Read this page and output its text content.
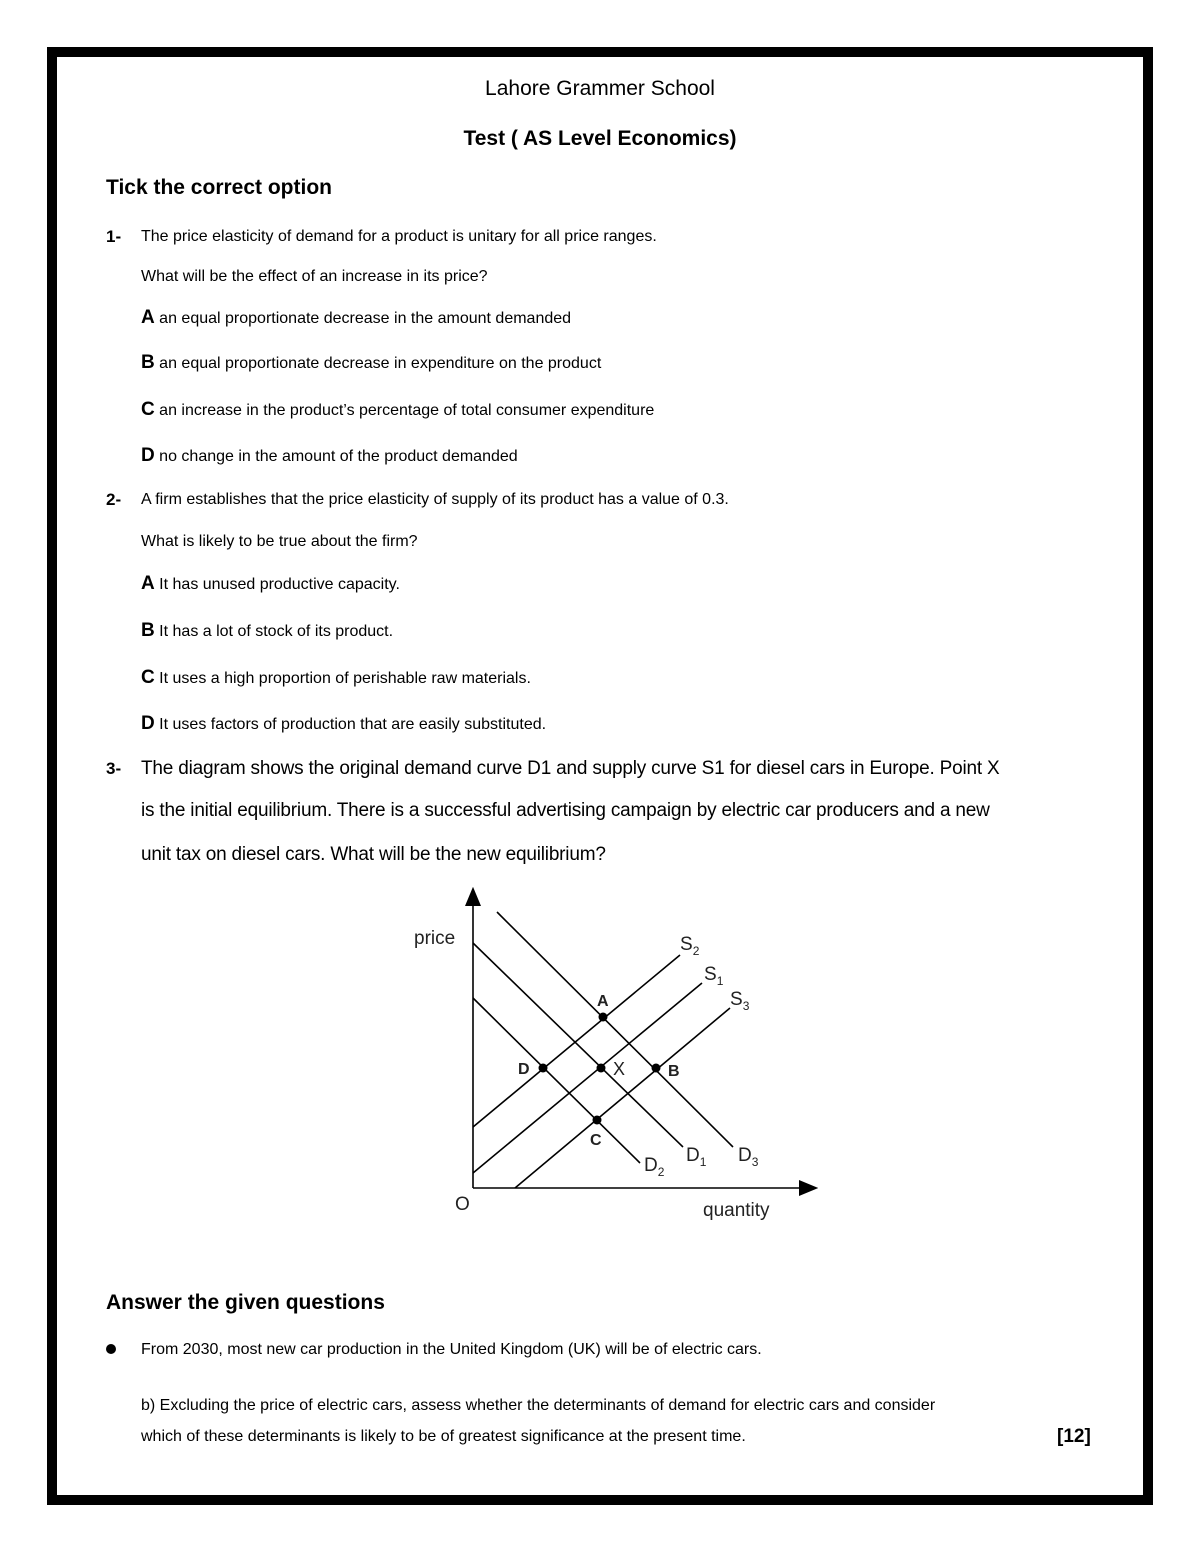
Lahore Grammer School
Test ( AS Level Economics)
Tick the correct option
1- The price elasticity of demand for a product is unitary for all price ranges.
What will be the effect of an increase in its price?
A an equal proportionate decrease in the amount demanded
B an equal proportionate decrease in expenditure on the product
C an increase in the product’s percentage of total consumer expenditure
D no change in the amount of the product demanded
2- A firm establishes that the price elasticity of supply of its product has a value of 0.3.
What is likely to be true about the firm?
A It has unused productive capacity.
B It has a lot of stock of its product.
C It uses a high proportion of perishable raw materials.
D It uses factors of production that are easily substituted.
3- The diagram shows the original demand curve D1 and supply curve S1 for diesel cars in Europe. Point X
is the initial equilibrium. There is a successful advertising campaign by electric car producers and a new
unit tax on diesel cars. What will be the new equilibrium?
price
quantity
O
$S_2$
$S_1$
$S_3$
$D_1$
$D_2$
$D_3$
A
D	X	B
C
Answer the given questions
From 2030, most new car production in the United Kingdom (UK) will be of electric cars.
b) Excluding the price of electric cars, assess whether the determinants of demand for electric cars and consider
which of these determinants is likely to be of greatest significance at the present time.	[12]
